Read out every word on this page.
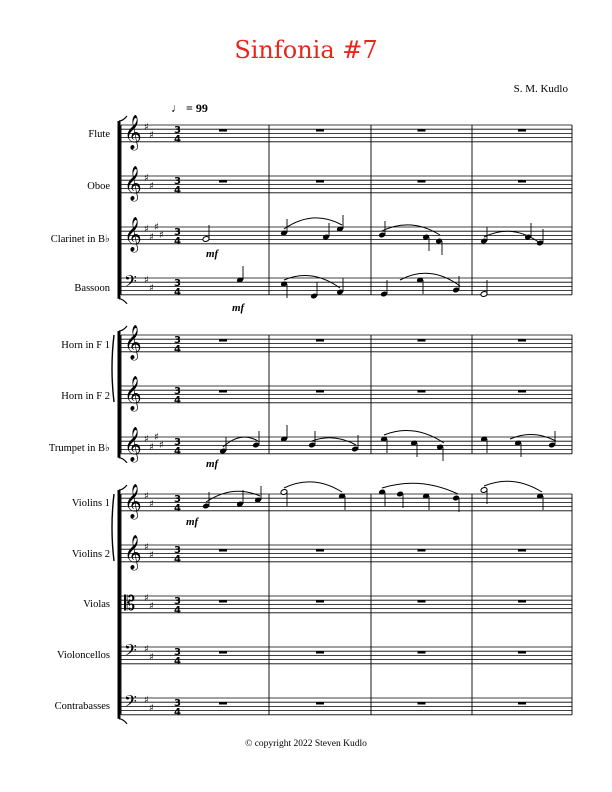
Sinfonia #7
S. M. Kudlo
♩ = 99
Flute
Oboe
Clarinet in B♭
Bassoon
Horn in F 1
Horn in F 2
Trumpet in B♭
Violins 1
Violins 2
Violas
Violoncellos
Contrabasses
𝄞 ♯
♯ 3
4
𝄞 ♯
♯ 3
4
𝄞 ♯
♯
♯
♯ 3
4
𝄢 ♯
♯ 3
4
𝄞	3
4
𝄞	3
4
𝄞 ♯
♯
♯
♯ 3
4
𝄞 ♯
♯ 3
4
𝄞 ♯
♯ 3
4
𝄡 ♯
♯ 3
4
𝄢 ♯
♯ 3
4
𝄢 ♯
♯ 3
4
mf
mf
mf
mf
© copyright 2022 Steven Kudlo
